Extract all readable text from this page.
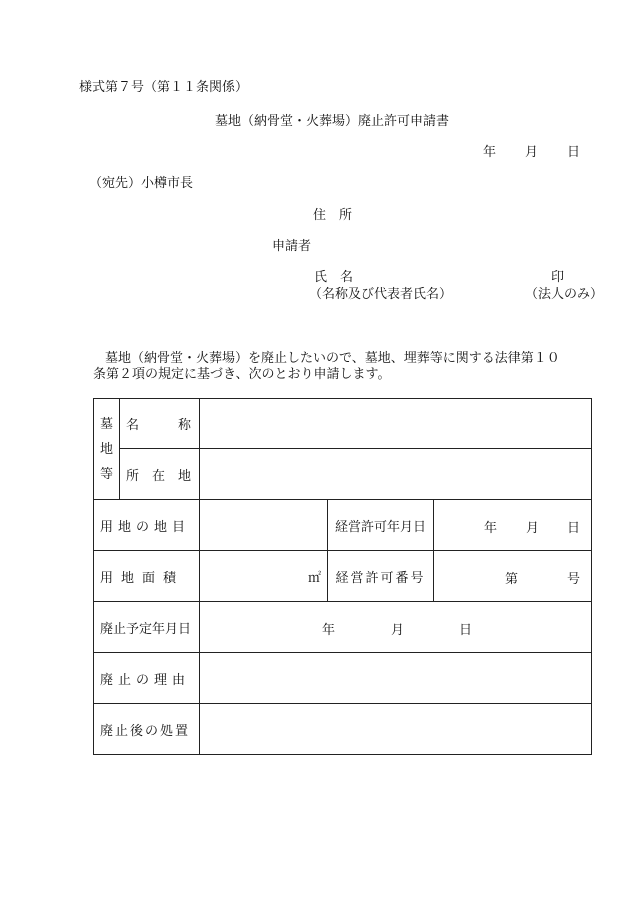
様式第７号（第１１条関係）
墓地（納骨堂・火葬場）廃止許可申請書
年 月 日
（宛先）小樽市長
住　所
申請者
氏　名	印
（名称及び代表者氏名）	（法人のみ）
墓地（納骨堂・火葬場）を廃止したいので、墓地、埋葬等に関する法律第１０
条第２項の規定に基づき、次のとおり申請します。
墓
地
等	名　　　称			
	所　在　地			
用地の地目			経営許可年月日	年 月 日

用地面積		㎡	経営許可番号	第 号

廃止予定年月日		年 月 日		

廃止の理由				
廃止後の処置				
